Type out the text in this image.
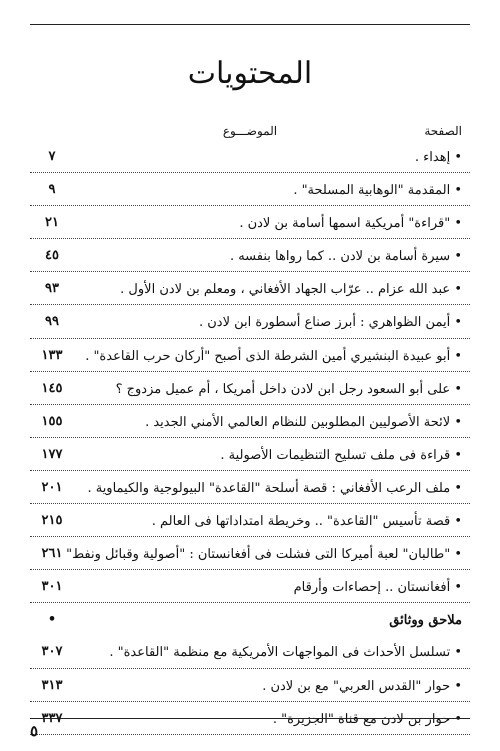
المحتويات
الصفحة
الموضـــوع
• إهداء .
٧
• المقدمة "الوهابية المسلحة" .
٩
• "قراءة" أمريكية اسمها أسامة بن لادن .
٢١
• سيرة أسامة بن لادن .. كما رواها بنفسه .
٤٥
• عبد الله عزام .. عرّاب الجهاد الأفغاني ، ومعلم بن لادن الأول .
٩٣
• أيمن الظواهري : أبرز صناع أسطورة ابن لادن .
٩٩
• أبو عبيدة البنشيري أمين الشرطة الذى أصبح "أركان حرب القاعدة" .
١٣٣
• على أبو السعود رجل ابن لادن داخل أمريكا ، أم عميل مزدوج ؟
١٤٥
• لائحة الأصوليين المطلوبين للنظام العالمي الأمني الجديد .
١٥٥
• قراءة فى ملف تسليح التنظيمات الأصولية .
١٧٧
• ملف الرعب الأفغاني : قصة أسلحة "القاعدة" البيولوجية والكيماوية .
٢٠١
• قصة تأسيس "القاعدة" .. وخريطة امتداداتها فى العالم .
٢١٥
• "طالبان" لعبة أميركا التى فشلت فى أفغانستان : "أصولية وقبائل ونفط"
٢٦١
• أفغانستان .. إحصاءات وأرقام
٣٠١
ملاحق ووثائق
•
• تسلسل الأحداث فى المواجهات الأمريكية مع منظمة "القاعدة" .
٣٠٧
• حوار "القدس العربي" مع بن لادن .
٣١٣
• حوار بن لادن مع قناة "الجزيرة" .
٣٣٧
٥
